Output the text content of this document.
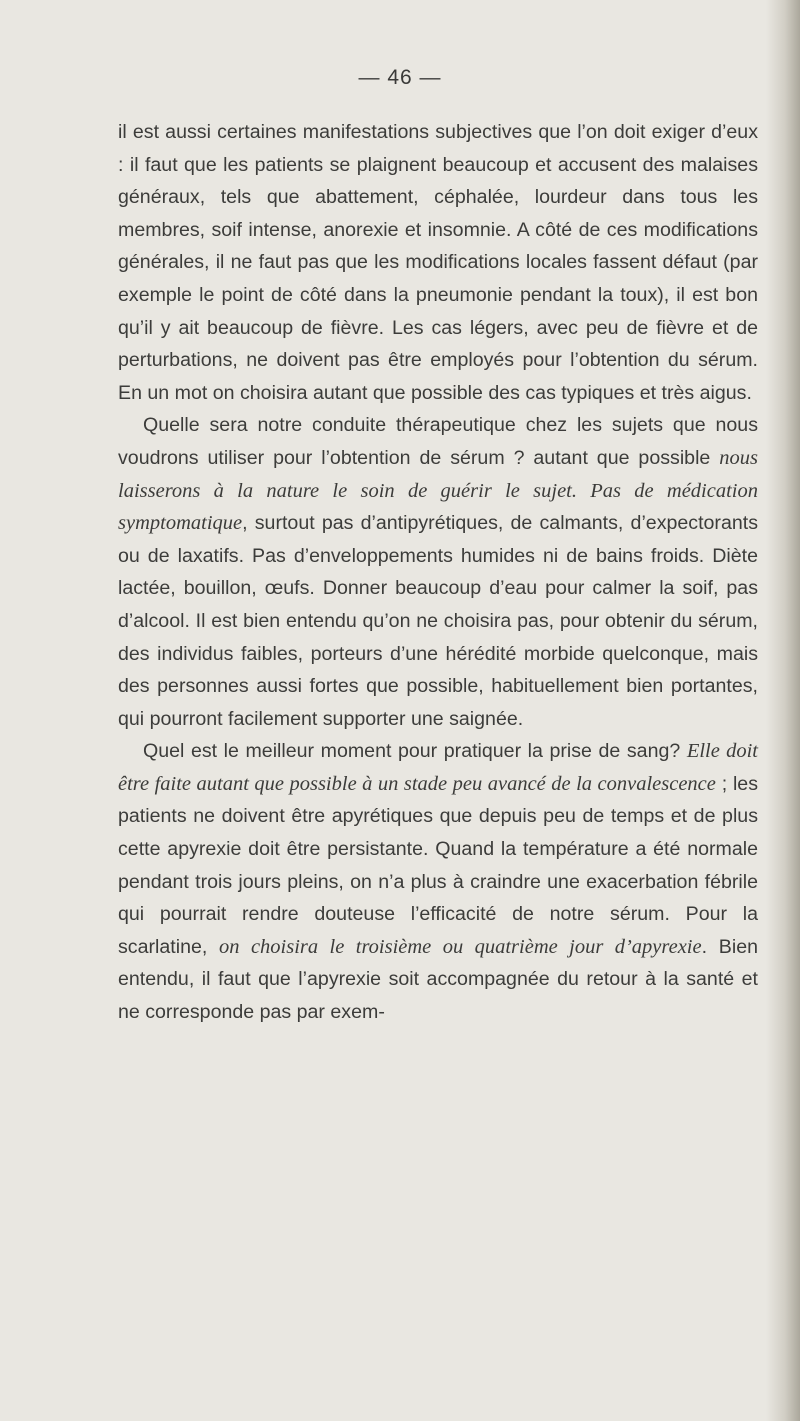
— 46 —

il est aussi certaines manifestations subjectives que l’on doit exiger d’eux : il faut que les patients se plaignent beaucoup et accusent des malaises généraux, tels que abattement, céphalée, lourdeur dans tous les membres, soif intense, anorexie et insomnie. A côté de ces modifications générales, il ne faut pas que les modifications locales fassent défaut (par exemple le point de côté dans la pneumonie pendant la toux), il est bon qu’il y ait beaucoup de fièvre. Les cas légers, avec peu de fièvre et de perturbations, ne doivent pas être employés pour l’obtention du sérum. En un mot on choisira autant que possible des cas typiques et très aigus.

Quelle sera notre conduite thérapeutique chez les sujets que nous voudrons utiliser pour l’obtention de sérum ? autant que possible nous laisserons à la nature le soin de guérir le sujet. Pas de médication symptomatique, surtout pas d’antipyrétiques, de calmants, d’expectorants ou de laxatifs. Pas d’enveloppements humides ni de bains froids. Diète lactée, bouillon, œufs. Donner beaucoup d’eau pour calmer la soif, pas d’alcool. Il est bien entendu qu’on ne choisira pas, pour obtenir du sérum, des individus faibles, porteurs d’une hérédité morbide quelconque, mais des personnes aussi fortes que possible, habituellement bien portantes, qui pourront facilement supporter une saignée.

Quel est le meilleur moment pour pratiquer la prise de sang? Elle doit être faite autant que possible à un stade peu avancé de la convalescence ; les patients ne doivent être apyrétiques que depuis peu de temps et de plus cette apyrexie doit être persistante. Quand la température a été normale pendant trois jours pleins, on n’a plus à craindre une exacerbation fébrile qui pourrait rendre douteuse l’efficacité de notre sérum. Pour la scarlatine, on choisira le troisième ou quatrième jour d’apyrexie. Bien entendu, il faut que l’apyrexie soit accompagnée du retour à la santé et ne corresponde pas par exem-
